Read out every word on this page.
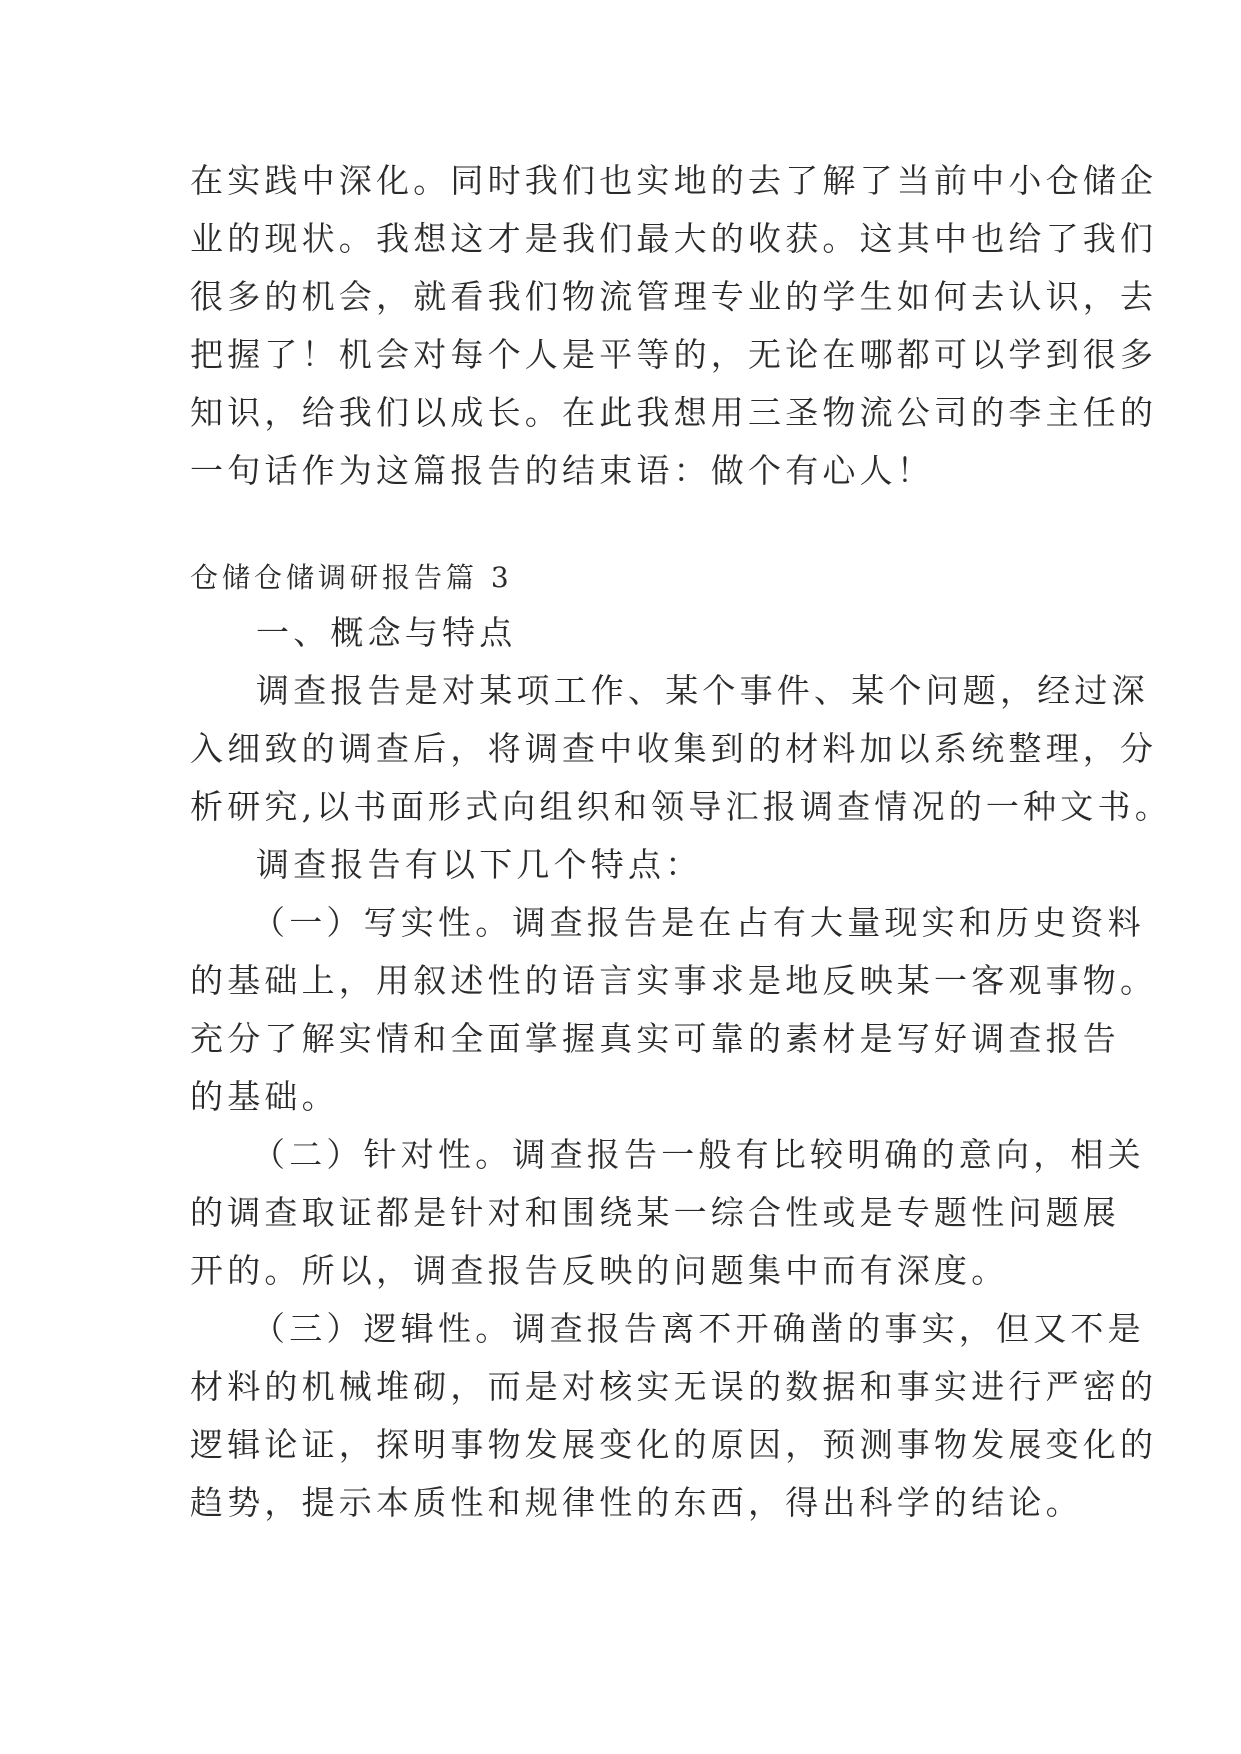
在实践中深化。同时我们也实地的去了解了当前中小仓储企
业的现状。我想这才是我们最大的收获。这其中也给了我们
很多的机会，就看我们物流管理专业的学生如何去认识，去
把握了！机会对每个人是平等的，无论在哪都可以学到很多
知识，给我们以成长。在此我想用三圣物流公司的李主任的
一句话作为这篇报告的结束语：做个有心人！
仓储仓储调研报告篇 3
一、概念与特点
调查报告是对某项工作、某个事件、某个问题，经过深
入细致的调查后，将调查中收集到的材料加以系统整理，分
析研究,以书面形式向组织和领导汇报调查情况的一种文书。
调查报告有以下几个特点：
（一）写实性。调查报告是在占有大量现实和历史资料
的基础上，用叙述性的语言实事求是地反映某一客观事物。
充分了解实情和全面掌握真实可靠的素材是写好调查报告
的基础。
（二）针对性。调查报告一般有比较明确的意向，相关
的调查取证都是针对和围绕某一综合性或是专题性问题展
开的。所以，调查报告反映的问题集中而有深度。
（三）逻辑性。调查报告离不开确凿的事实，但又不是
材料的机械堆砌，而是对核实无误的数据和事实进行严密的
逻辑论证，探明事物发展变化的原因，预测事物发展变化的
趋势，提示本质性和规律性的东西，得出科学的结论。
